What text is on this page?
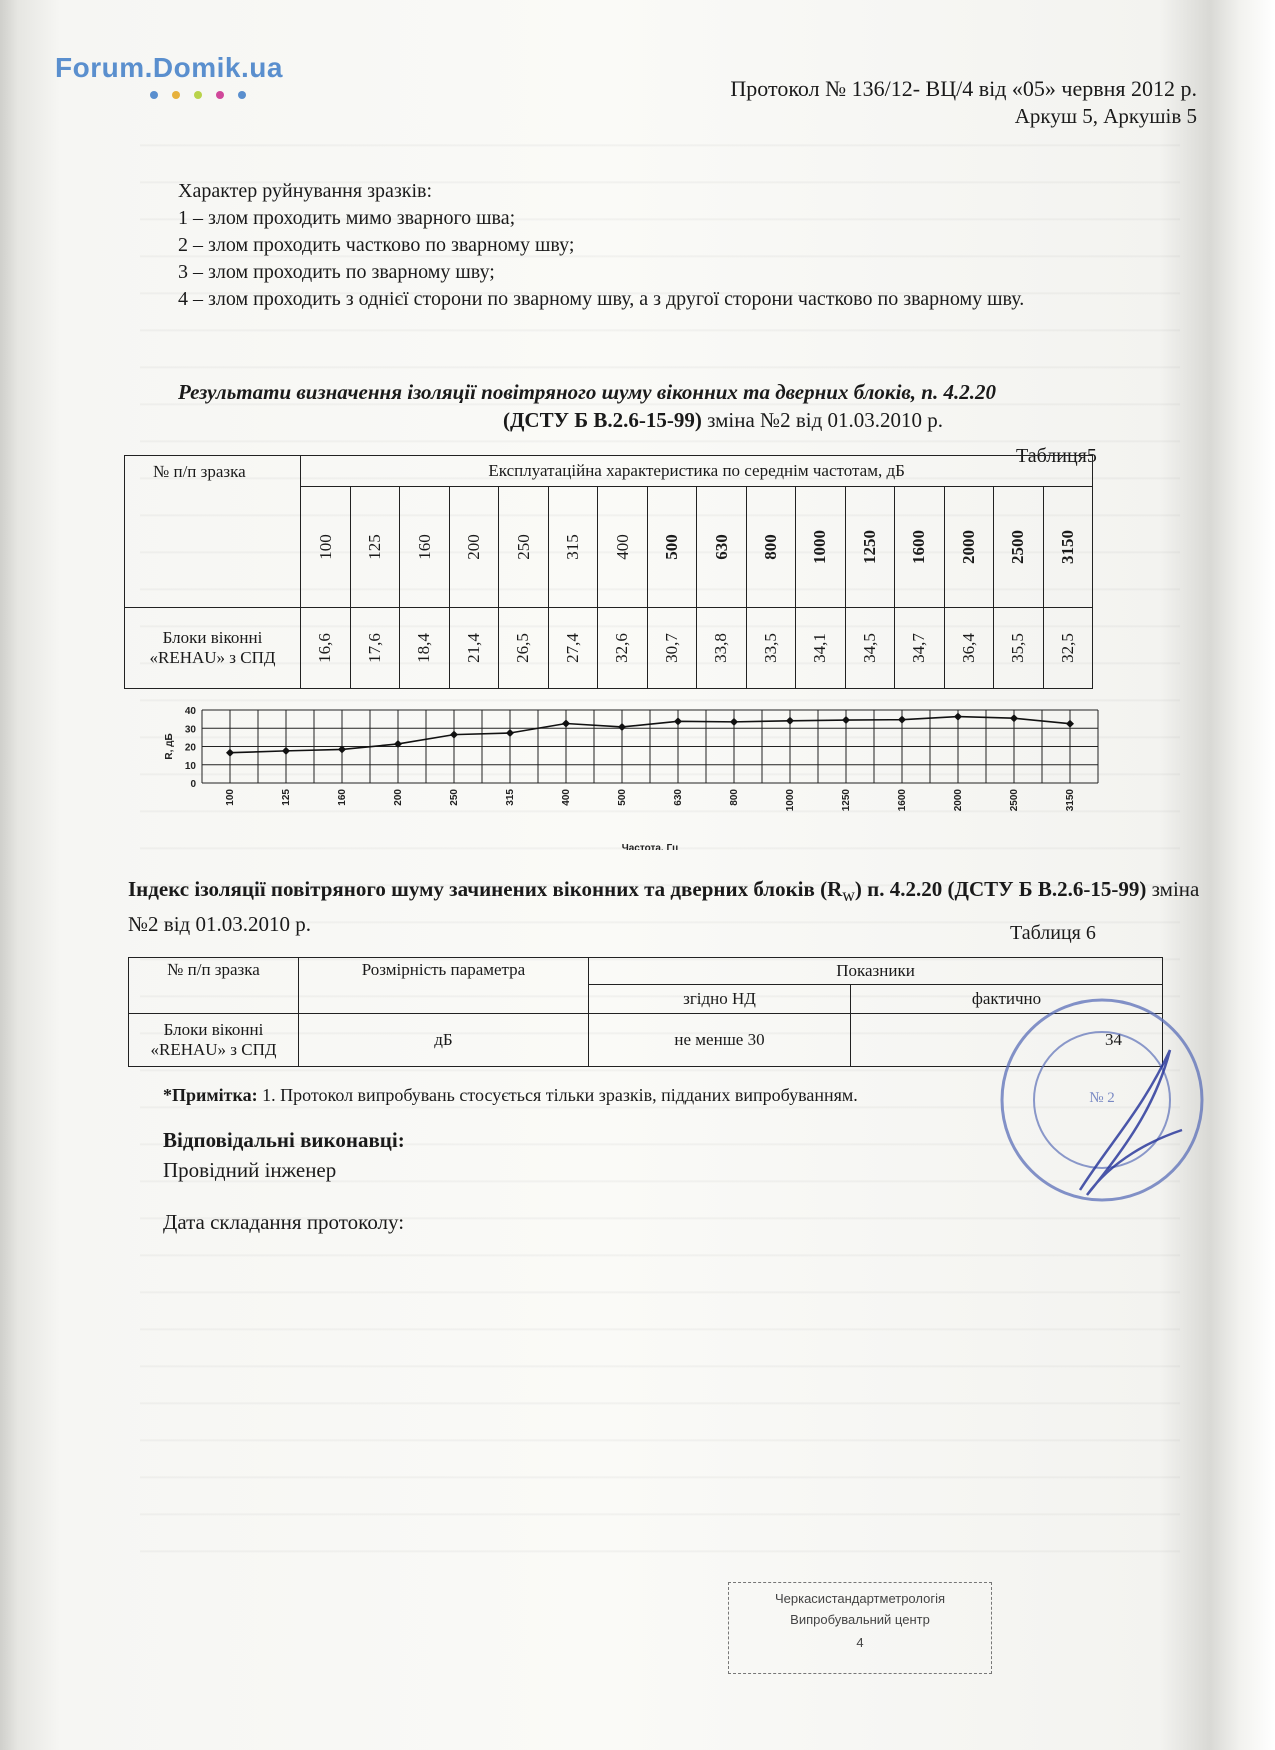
Forum.Domik.ua
Протокол № 136/12- ВЦ/4 від «05» червня 2012 р.
Аркуш 5, Аркушів 5
Характер руйнування зразків:
1 – злом проходить мимо зварного шва;
2 – злом проходить частково по зварному шву;
3 – злом проходить по зварному шву;
4 – злом проходить з однієї сторони по зварному шву, а з другої сторони частково по зварному шву.
Результати визначення ізоляції повітряного шуму віконних та дверних блоків, п. 4.2.20
(ДСТУ Б В.2.6-15-99) зміна №2 від 01.03.2010 р.
Таблиця5
№ п/п зразка	Експлуатаційна характеристика по середнім частотам, дБ															
	100	125	160	200	250	315	400	500	630	800	1000	1250	1600	2000	2500	3150
Блоки віконні «REHAU» з СПД	16,6	17,6	18,4	21,4	26,5	27,4	32,6	30,7	33,8	33,5	34,1	34,5	34,7	36,4	35,5	32,5
0
10
20
30
40
R, дБ
100	125	160	200	250	315	400	500	630	800	1000	1250	1600	2000	2500	3150
Частота, Гц
Індекс ізоляції повітряного шуму зачинених віконних та дверних блоків $(R_w)$ п. 4.2.20 (ДСТУ Б В.2.6-15-99) зміна №2 від 01.03.2010 р.	Таблиця 6
№ п/п зразка	Розмірність параметра	Показники	
		згідно НД	фактично
Блоки віконні «REHAU» з СПД	дБ	не менше 30	34
*Примітка: 1. Протокол випробувань стосується тільки зразків, підданих випробуванням.
Відповідальні виконавці:
Провідний інженер
Дата складання протоколу:
№ 2
Черкасистандартметрологія
Випробувальний центр
4
